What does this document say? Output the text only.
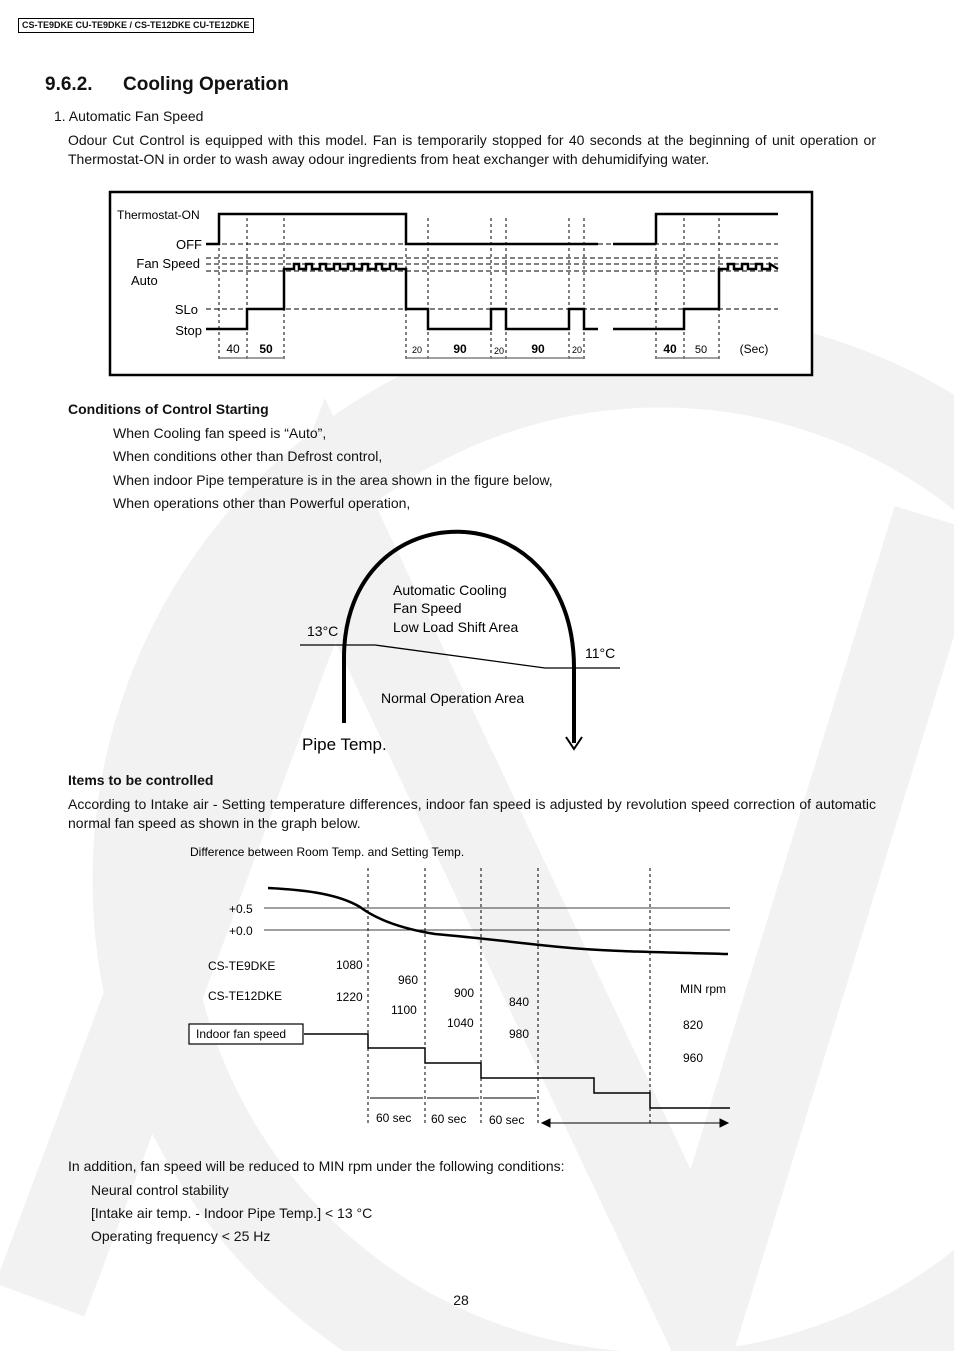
CS-TE9DKE CU-TE9DKE / CS-TE12DKE CU-TE12DKE
9.6.2. Cooling Operation
1. Automatic Fan Speed
Odour Cut Control is equipped with this model. Fan is temporarily stopped for 40 seconds at the beginning of unit operation or Thermostat-ON in order to wash away odour ingredients from heat exchanger with dehumidifying water.
Thermostat-ON
OFF
Fan Speed
Auto
SLo
Stop
40 50	20	90	20 90	20	40 50	(Sec)
Conditions of Control Starting
When Cooling fan speed is “Auto”,
When conditions other than Defrost control,
When indoor Pipe temperature is in the area shown in the figure below,
When operations other than Powerful operation,
Automatic Cooling
Fan Speed
Low Load Shift Area
13°C
11°C
Normal Operation Area
Pipe Temp.
Items to be controlled
According to Intake air - Setting temperature differences, indoor fan speed is adjusted by revolution speed correction of automatic normal fan speed as shown in the graph below.
Difference between Room Temp. and Setting Temp.
+0.5
+0.0
CS-TE9DKE
CS-TE12DKE
Indoor fan speed
1080
960
900
840
1220
1100
1040
980
MIN rpm
820
960
60 sec 60 sec 60 sec
In addition, fan speed will be reduced to MIN rpm under the following conditions:
Neural control stability
[Intake air temp. - Indoor Pipe Temp.] < 13 °C
Operating frequency < 25 Hz
28
